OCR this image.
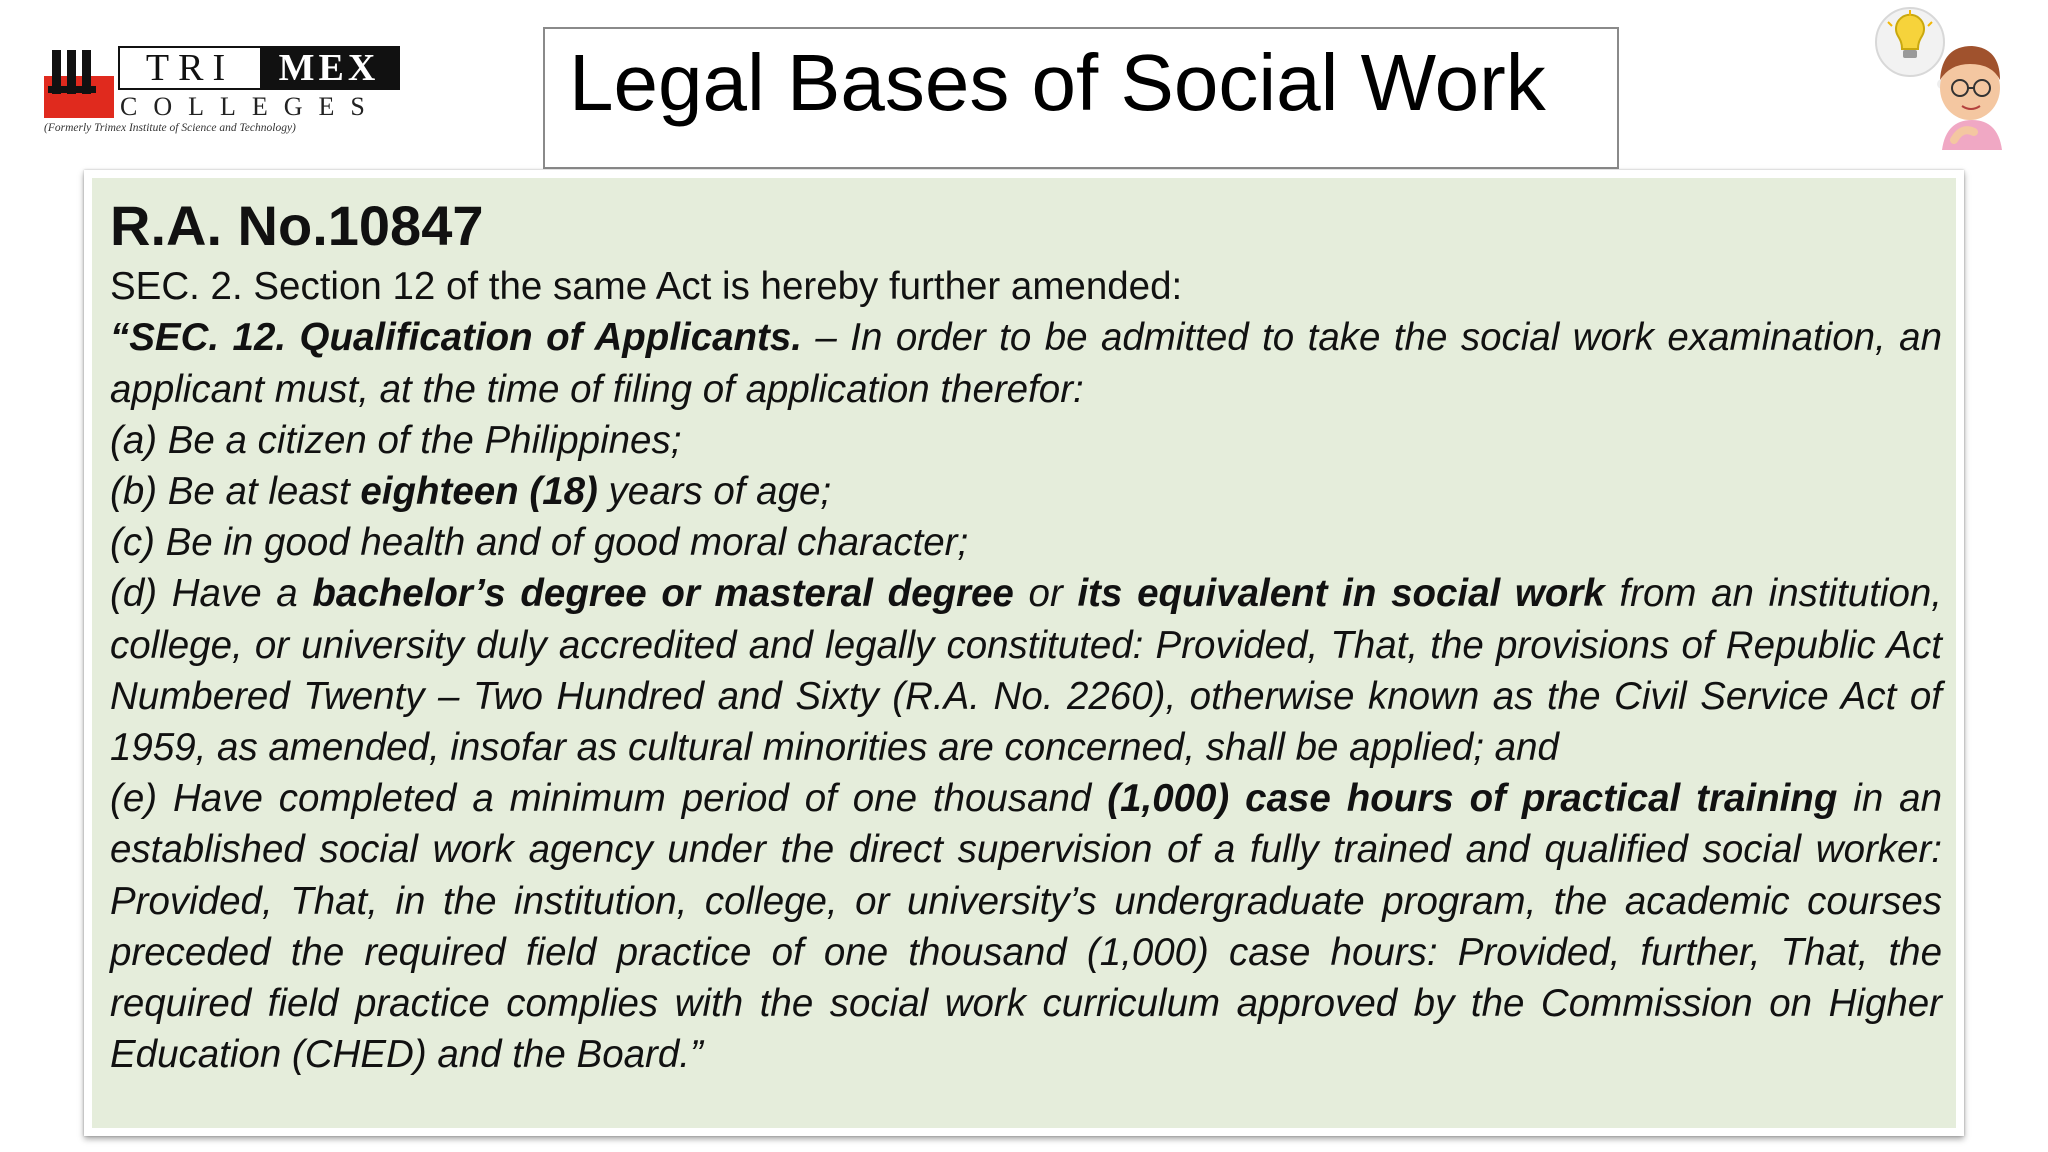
TRI	MEX
COLLEGES
(Formerly Trimex Institute of Science and Technology)
Legal Bases of Social Work
R.A. No.10847
SEC. 2. Section 12 of the same Act is hereby further amended:
“SEC. 12. Qualification of Applicants. – In order to be admitted to take the social work examination, an applicant must, at the time of filing of application therefor:
(a) Be a citizen of the Philippines;
(b) Be at least eighteen (18) years of age;
(c) Be in good health and of good moral character;
(d) Have a bachelor’s degree or masteral degree or its equivalent in social work from an institution, college, or university duly accredited and legally constituted: Provided, That, the provisions of Republic Act Numbered Twenty – Two Hundred and Sixty (R.A. No. 2260), otherwise known as the Civil Service Act of 1959, as amended, insofar as cultural minorities are concerned, shall be applied; and
(e) Have completed a minimum period of one thousand (1,000) case hours of practical training in an established social work agency under the direct supervision of a fully trained and qualified social worker: Provided, That, in the institution, college, or university’s undergraduate program, the academic courses preceded the required field practice of one thousand (1,000) case hours: Provided, further, That, the required field practice complies with the social work curriculum approved by the Commission on Higher Education (CHED) and the Board.”
